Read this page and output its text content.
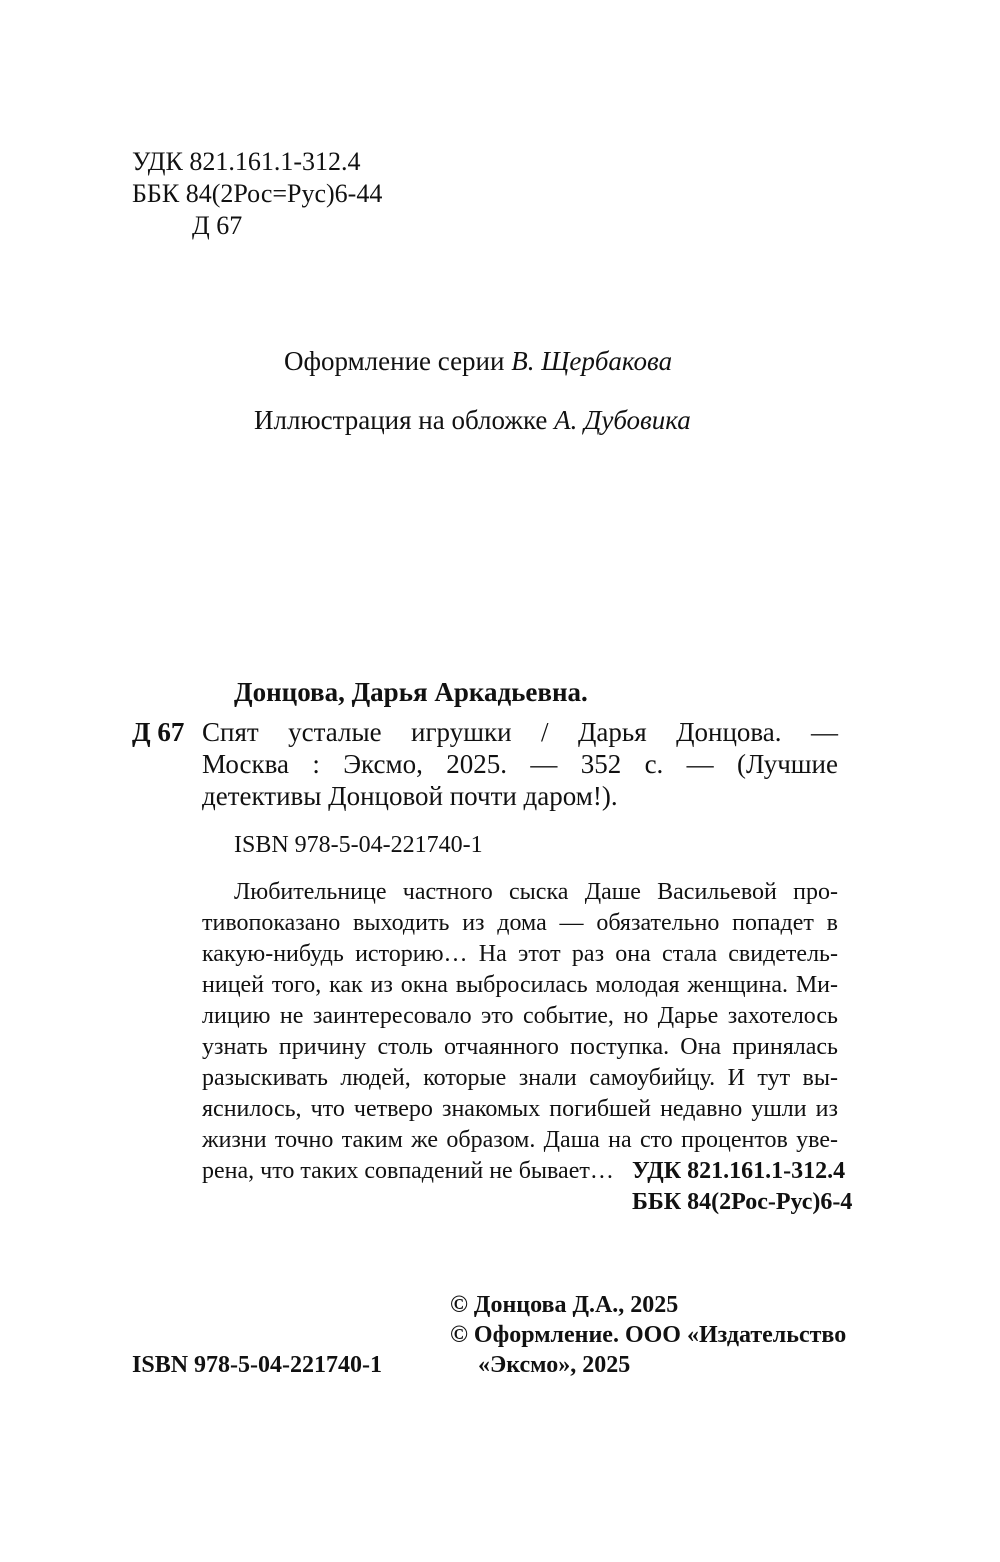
УДК 821.161.1-312.4
ББК 84(2Рос=Рус)6-44
Д 67
Оформление серии В. Щербакова
Иллюстрация на обложке А. Дубовика
Донцова, Дарья Аркадьевна.
Д 67 Спят усталые игрушки / Дарья Донцова. —
Москва : Эксмо, 2025. — 352 с. — (Лучшие
детективы Донцовой почти даром!).
ISBN 978-5-04-221740-1
Любительнице частного сыска Даше Васильевой про-
тивопоказано выходить из дома — обязательно попадет в
какую-нибудь историю… На этот раз она стала свидетель-
ницей того, как из окна выбросилась молодая женщина. Ми-
лицию не заинтересовало это событие, но Дарье захотелось
узнать причину столь отчаянного поступка. Она принялась
разыскивать людей, которые знали самоубийцу. И тут вы-
яснилось, что четверо знакомых погибшей недавно ушли из
жизни точно таким же образом. Даша на сто процентов уве-
рена, что таких совпадений не бывает… УДК 821.161.1-312.4
ББК 84(2Рос-Рус)6-4
© Донцова Д.А., 2025
© Оформление. ООО «Издательство
«Эксмо», 2025
ISBN 978-5-04-221740-1
